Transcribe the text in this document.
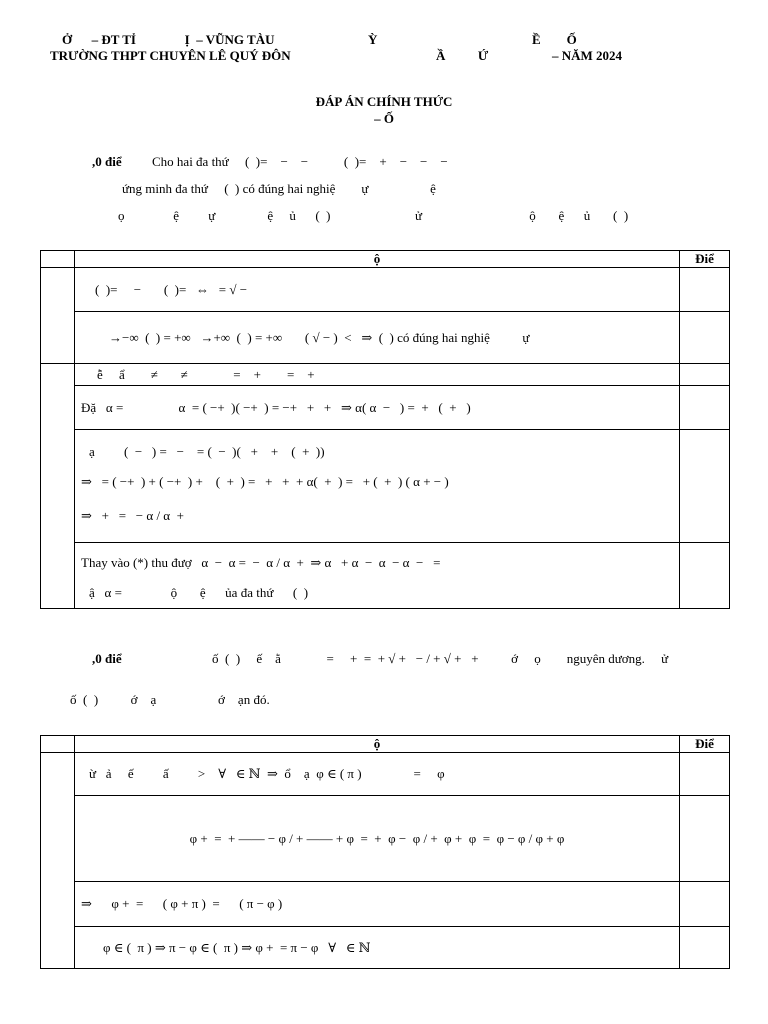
Ở      – ĐT TỈ               Ị  – VŨNG TÀU	Ỳ	Ề        Ố
TRƯỜNG THPT CHUYÊN LÊ QUÝ ĐÔN	Ầ          Ứ	– NĂM 2024
ĐÁP ÁN CHÍNH THỨC
– Ố
,0 điể Cho hai đa thứ     (  )=    −    −           (  )=    +    −    −    −
ứng minh đa thứ     (  ) có đúng hai nghiệ        ự                   ệ
ọ               ệ         ự                ệ     ủ      (  )                          ử                                 ộ       ệ      ủ       (  )
	ộ	Điể
	(  )=     −       (  )=   ⇔   = √ −	
	→−∞  (  ) = +∞   →+∞  (  ) = +∞       ( √ − )  <   ⇒  (  ) có đúng hai nghiệ          ự	
	ễ     ẩ        ≠       ≠              =    +        =    +	
	Đặ   α =                 α  = ( −+  )( −+  ) = −+   +   +   ⇒ α( α  −   ) =  +   (  +   )	

	ạ         (  −   ) =   −    = (  −  )(   +    +    (  +  ))
⇒   = ( −+  ) + ( −+  ) +    (  +  ) =   +   +  + α(  +  ) =   + (  +  ) ( α + − )
⇒   +   =   − α / α  +	

	Thay vào (*) thu đượ   α  −  α =  −  α / α  +  ⇒ α   + α  −  α  − α  −   =
ậ   α =               ộ       ệ      ủa đa thứ      (  )	

,0 điể	ố  (  )     ế    ằ              =     +  =  + √ +   − / + √ +   +          ớ     ọ        nguyên dương.     ử
ố  (  )          ớ    ạ                   ớ    ạn đó.
	ộ	Điể
	ừ   ả     ế         ấ         >    ∀   ∈ ℕ  ⇒  ổ    ạ  φ ∈ ( π )                =     φ	
	φ +  =  + —— − φ / + —— + φ  =  +  φ −  φ / +  φ +  φ  =  φ − φ / φ + φ	
	⇒      φ +  =      ( φ + π )  =      ( π − φ )	
	φ ∈ (  π ) ⇒ π − φ ∈ (  π ) ⇒ φ +  = π − φ   ∀   ∈ ℕ	
